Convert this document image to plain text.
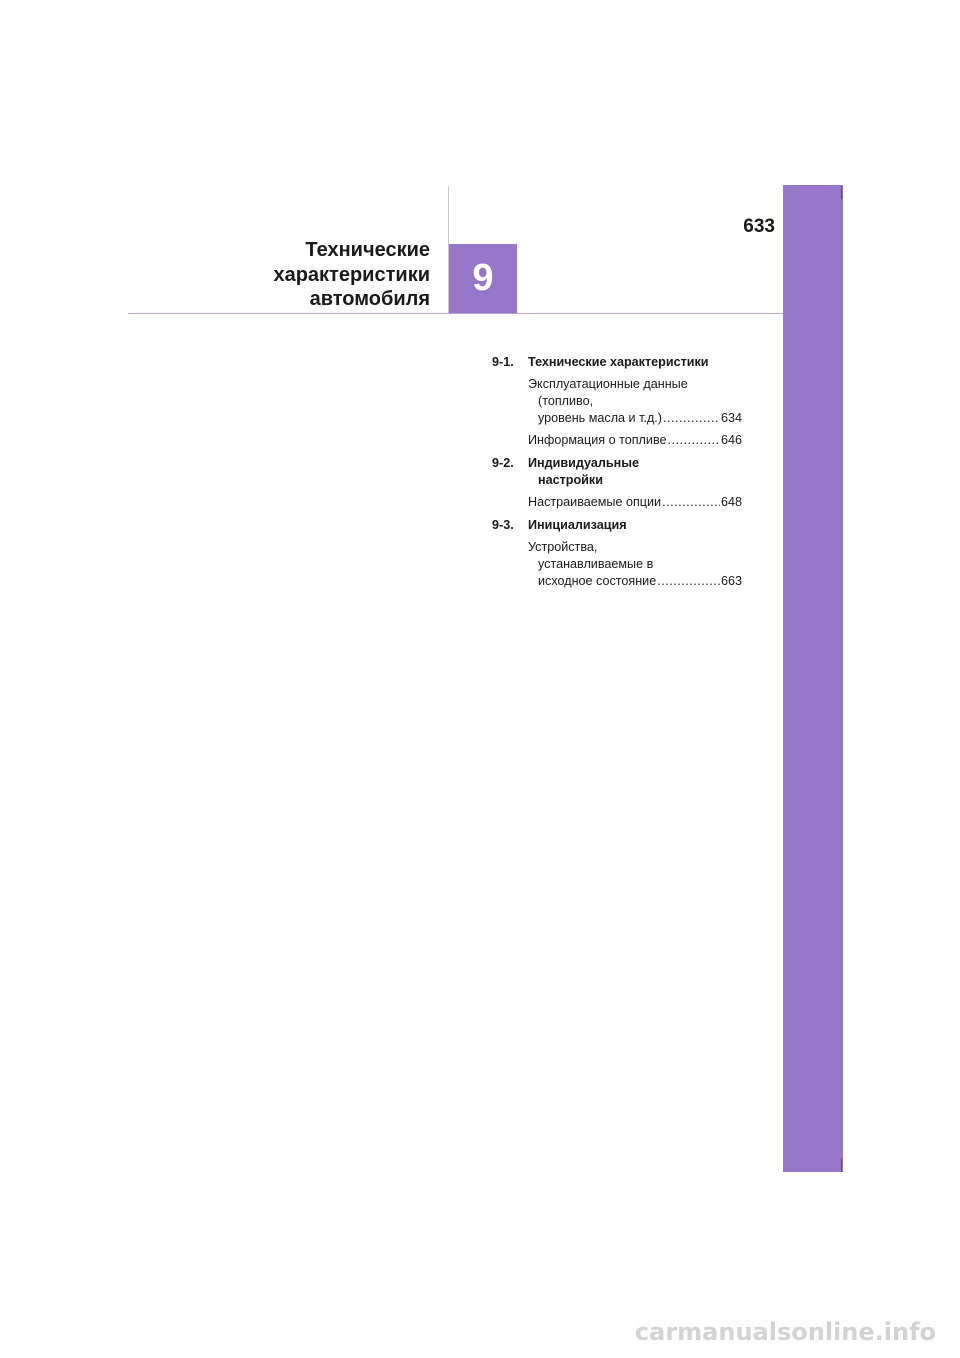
Технические
характеристики
автомобиля 9
633
9-1.	Технические характеристики
Эксплуатационные данные
(топливо,
уровень масла и т.д.) .....	634
Информация о топливе .....	646
9-2.	Индивидуальные
настройки
Настраиваемые опции .....	648
9-3.	Инициализация
Устройства,
устанавливаемые в
исходное состояние .....	663
carmanualsonline.info
